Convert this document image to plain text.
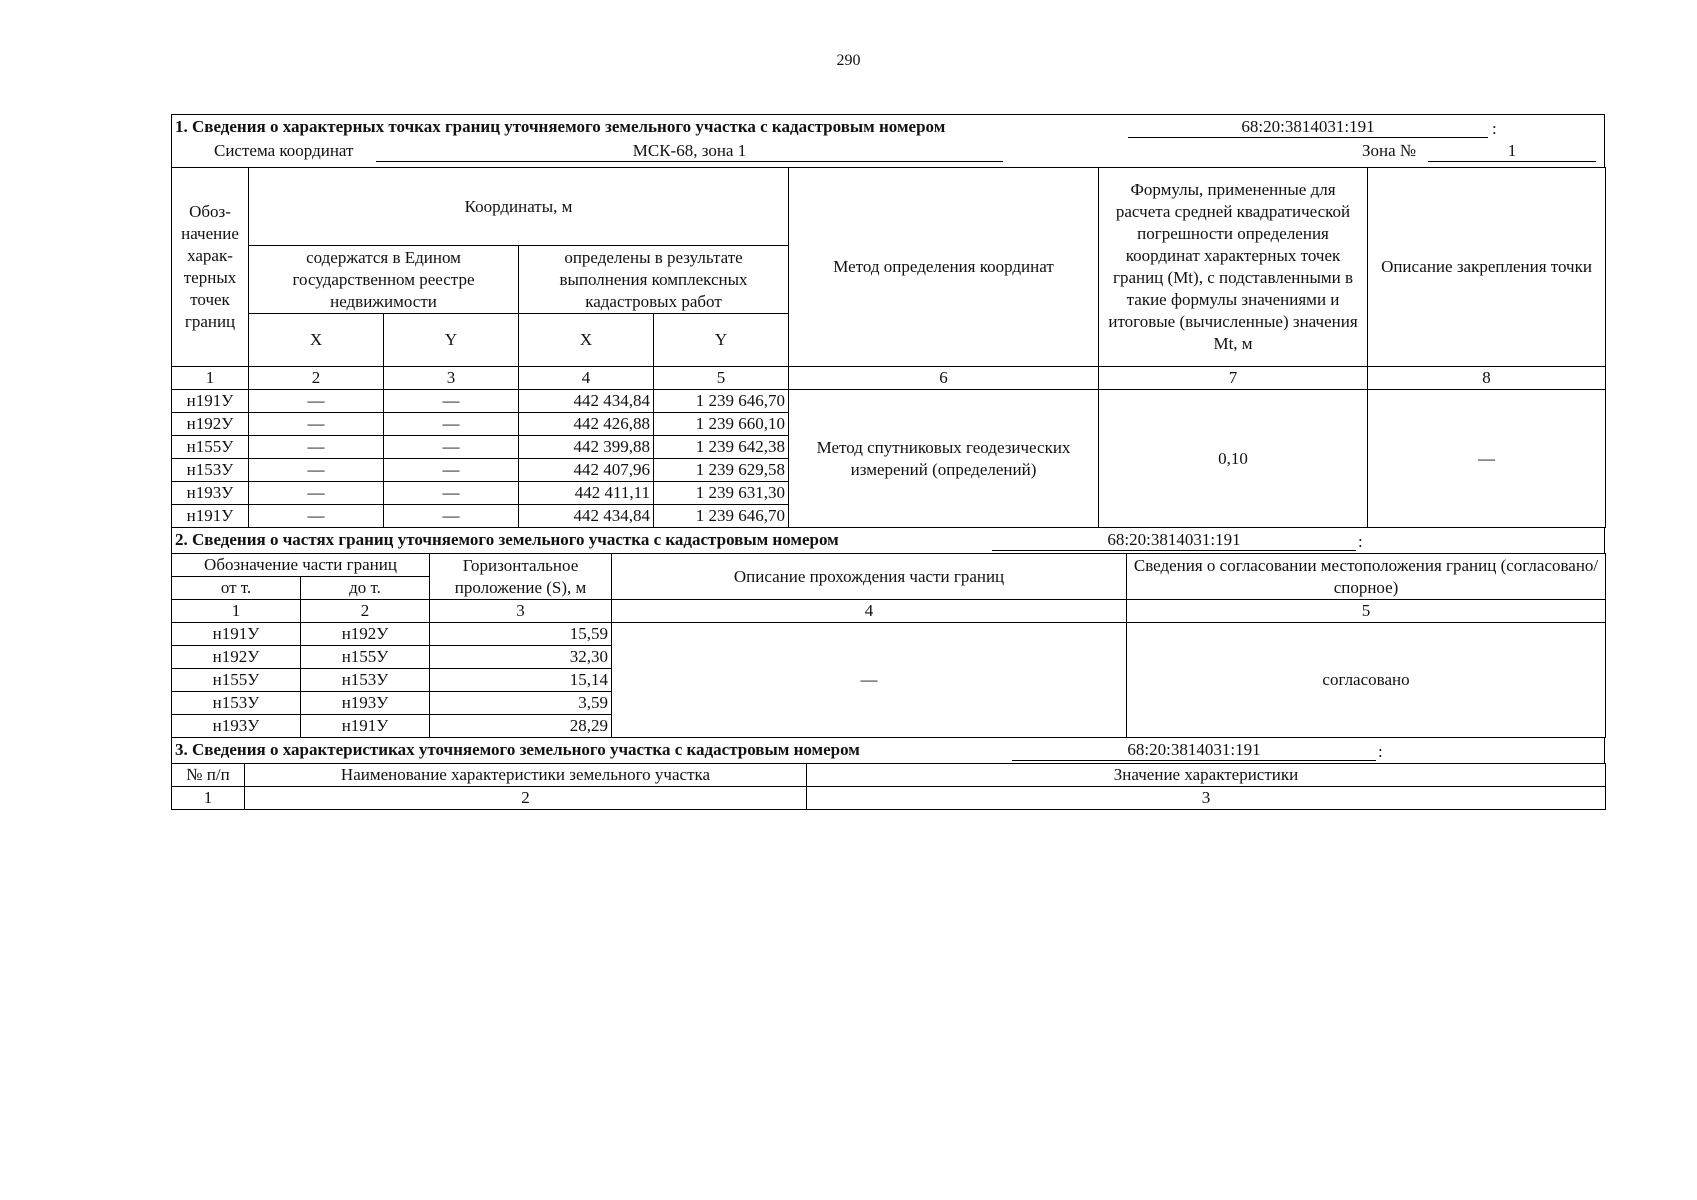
290
1. Сведения о характерных точках границ уточняемого земельного участка с кадастровым номером	68:20:3814031:191	:
Система координат	МСК-68, зона 1	Зона №	1
Обоз-начение харак-терных точек границ	Координаты, м				Метод определения координат	Формулы, примененные для расчета средней квадратической погрешности определения координат характерных точек границ (Mt), с подставленными в такие формулы значениями и итоговые (вычисленные) значения Mt, м	Описание закрепления точки
	содержатся в Едином государственном реестре недвижимости		определены в результате выполнения комплексных кадастровых работ				
	X	Y	X	Y			
1	2	3	4	5	6	7	8
н191У	—	—	442 434,84	1 239 646,70	Метод спутниковых геодезических измерений (определений)	0,10	—
н192У	—	—	442 426,88	1 239 660,10			
н155У	—	—	442 399,88	1 239 642,38			
н153У	—	—	442 407,96	1 239 629,58			
н193У	—	—	442 411,11	1 239 631,30			
н191У	—	—	442 434,84	1 239 646,70			
2. Сведения о частях границ уточняемого земельного участка с кадастровым номером	68:20:3814031:191	:
Обозначение части границ		Горизонтальное проложение (S), м	Описание прохождения части границ	Сведения о согласовании местоположения границ (согласовано/спорное)
от т.	до т.			
1	2	3	4	5
н191У	н192У	15,59	—	согласовано
н192У	н155У	32,30		
н155У	н153У	15,14		
н153У	н193У	3,59		
н193У	н191У	28,29		
3. Сведения о характеристиках уточняемого земельного участка с кадастровым номером	68:20:3814031:191	:
№ п/п	Наименование характеристики земельного участка	Значение характеристики
1	2	3
